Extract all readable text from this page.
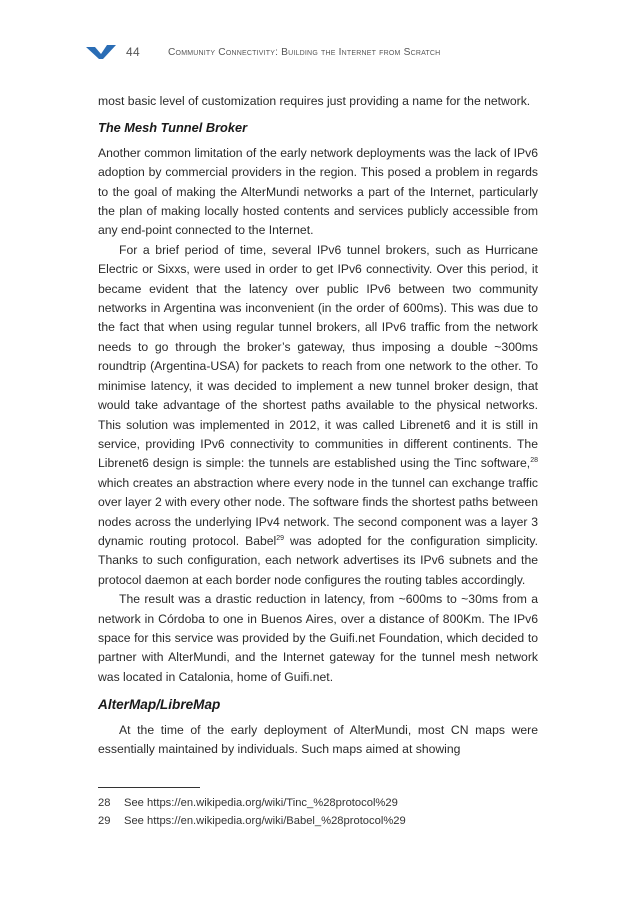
44	Community Connectivity: Building the Internet from Scratch

most basic level of customization requires just providing a name for the network.

The Mesh Tunnel Broker

Another common limitation of the early network deployments was the lack of IPv6 adoption by commercial providers in the region. This posed a problem in regards to the goal of making the AlterMundi networks a part of the Internet, particularly the plan of making locally hosted contents and services publicly accessible from any end-point connected to the Internet.

For a brief period of time, several IPv6 tunnel brokers, such as Hurricane Electric or Sixxs, were used in order to get IPv6 connectivity. Over this period, it became evident that the latency over public IPv6 between two community networks in Argentina was inconvenient (in the order of 600ms). This was due to the fact that when using regular tunnel brokers, all IPv6 traffic from the network needs to go through the broker’s gateway, thus imposing a double ~300ms roundtrip (Argentina-USA) for packets to reach from one network to the other. To minimise latency, it was decided to implement a new tunnel broker design, that would take advantage of the shortest paths available to the physical networks. This solution was implemented in 2012, it was called Librenet6 and it is still in service, providing IPv6 connectivity to communities in different continents. The Librenet6 design is simple: the tunnels are established using the Tinc software,$^{28}$ which creates an abstraction where every node in the tunnel can exchange traffic over layer 2 with every other node. The software finds the shortest paths between nodes across the underlying IPv4 network. The second component was a layer 3 dynamic routing protocol. Babel$^{29}$ was adopted for the configuration simplicity. Thanks to such configuration, each network advertises its IPv6 subnets and the protocol daemon at each border node configures the routing tables accordingly.

The result was a drastic reduction in latency, from ~600ms to ~30ms from a network in Córdoba to one in Buenos Aires, over a distance of 800Km. The IPv6 space for this service was provided by the Guifi.net Foundation, which decided to partner with AlterMundi, and the Internet gateway for the tunnel mesh network was located in Catalonia, home of Guifi.net.

AlterMap/LibreMap

At the time of the early deployment of AlterMundi, most CN maps were essentially maintained by individuals. Such maps aimed at showing

28	See https://en.wikipedia.org/wiki/Tinc_%28protocol%29
29	See https://en.wikipedia.org/wiki/Babel_%28protocol%29
